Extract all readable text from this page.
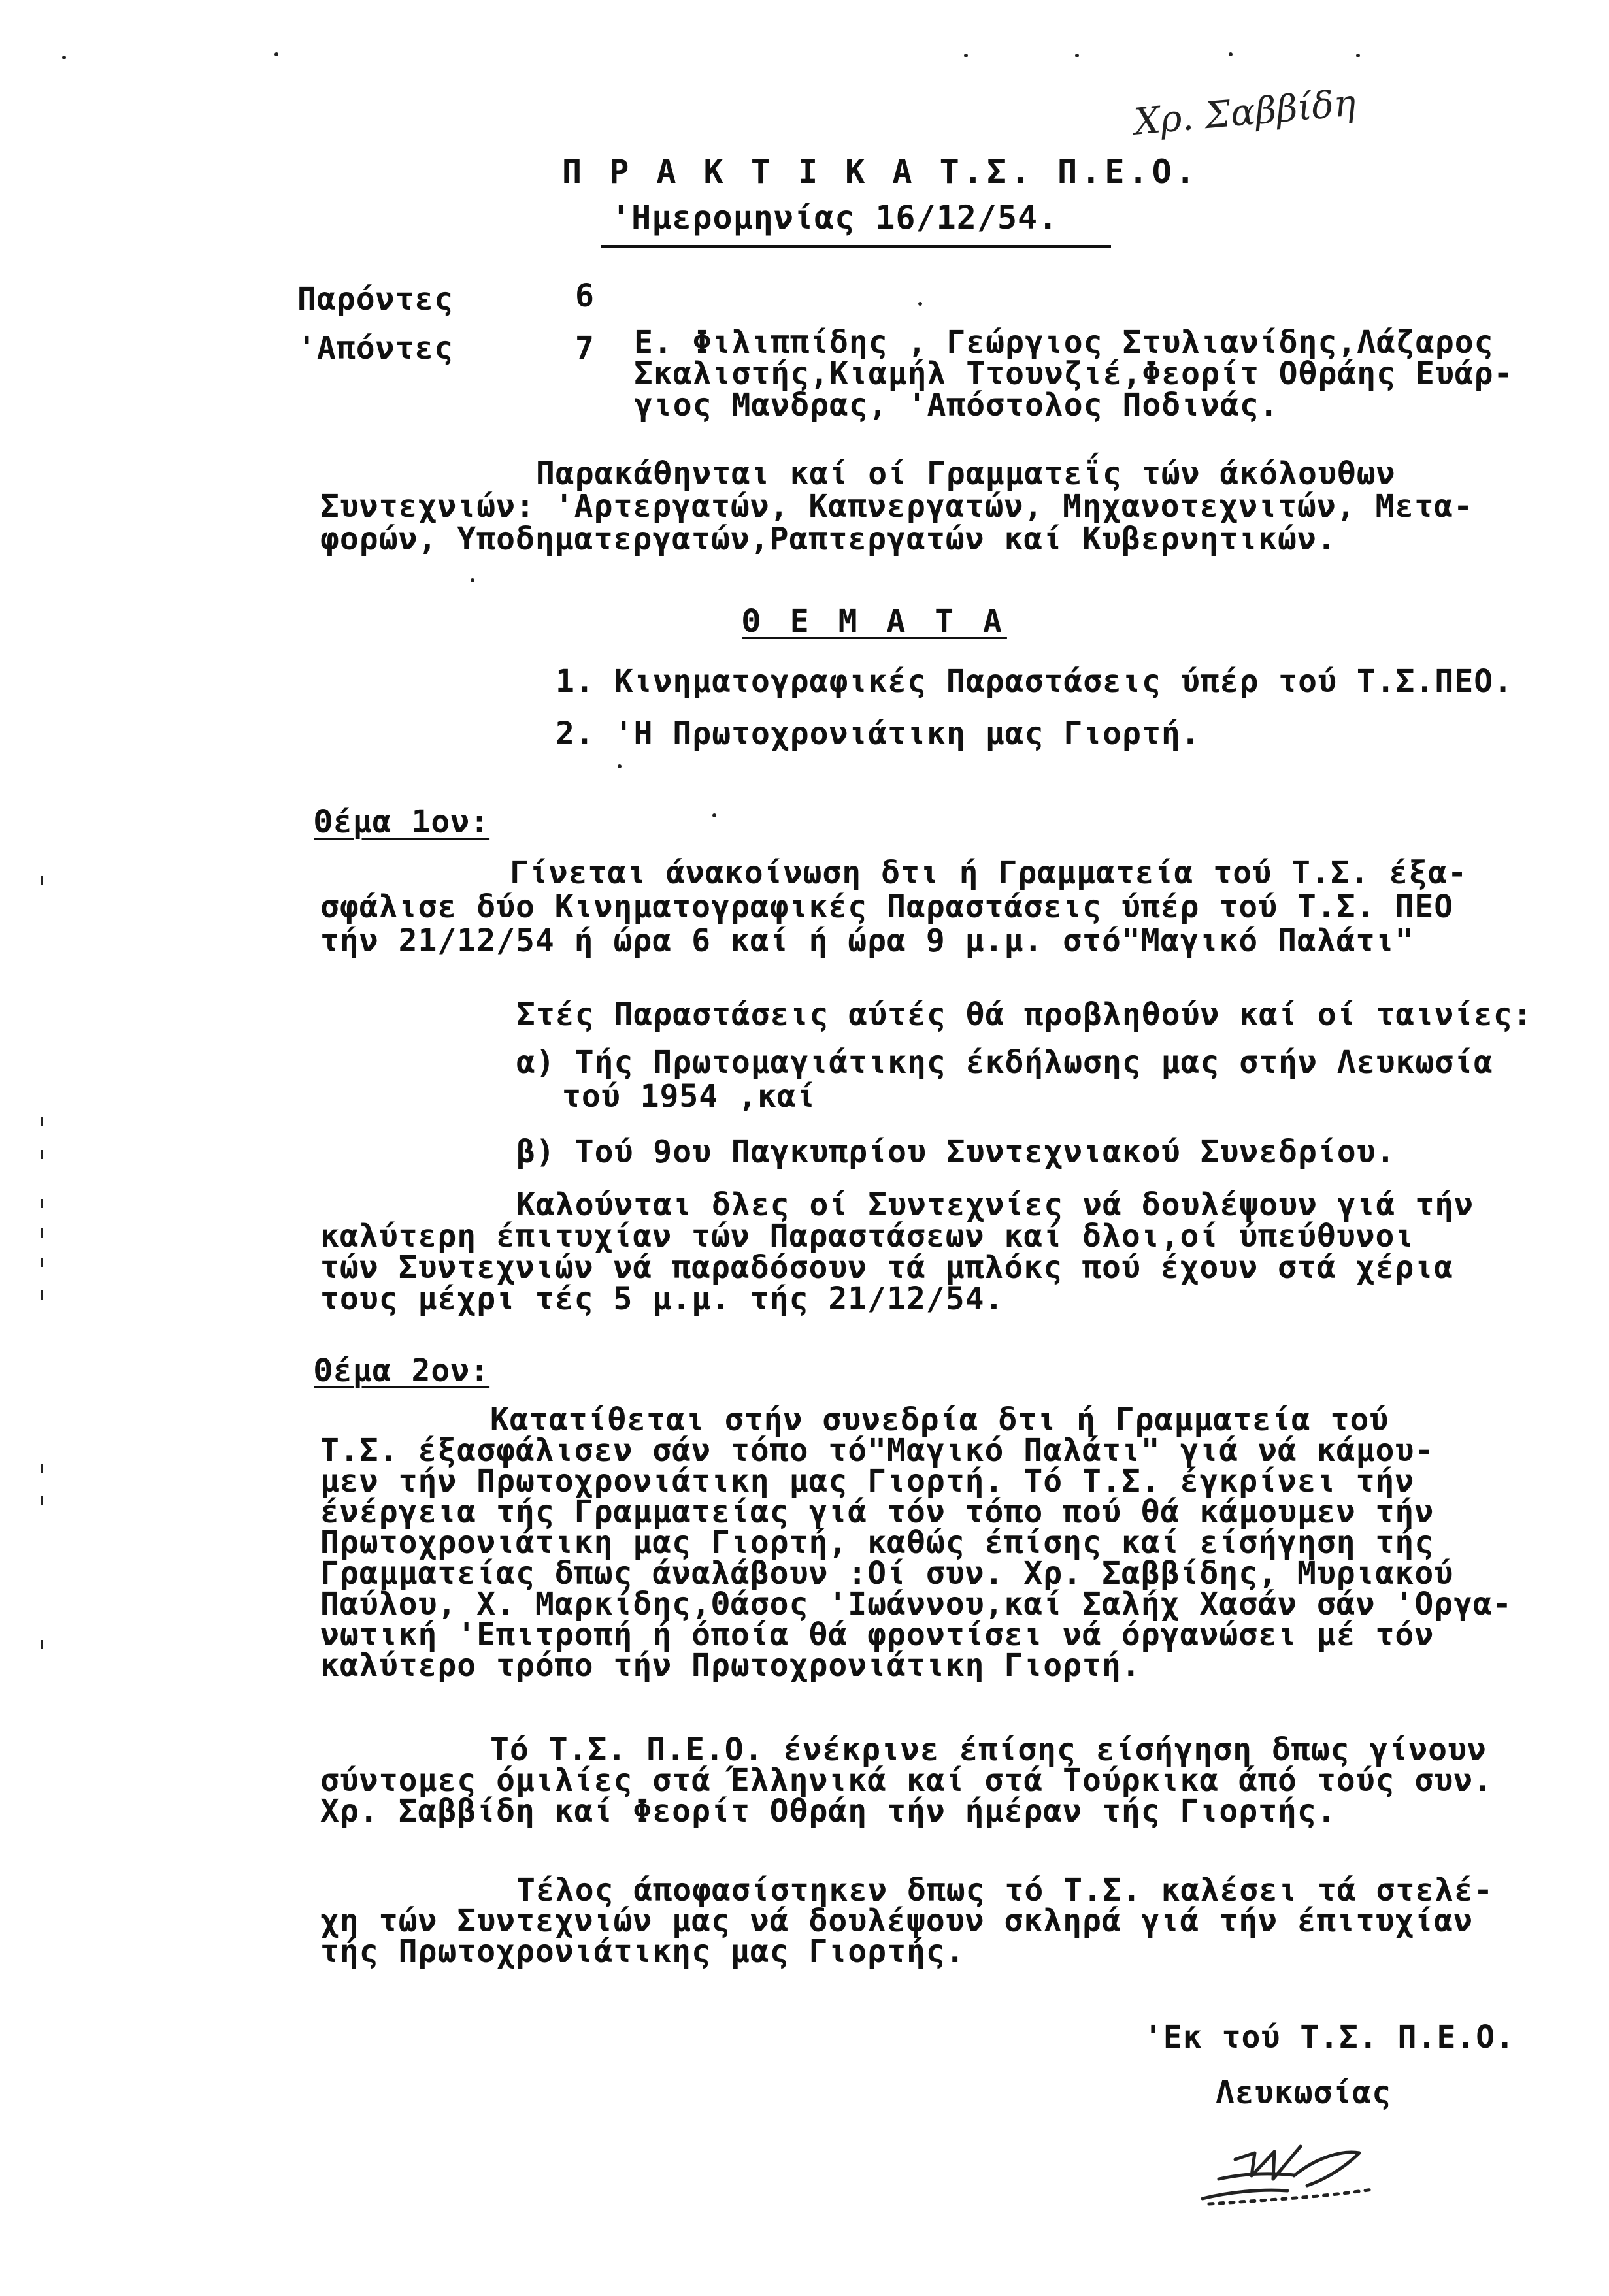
Χρ. Σαββίδη
Π Ρ Α Κ Τ Ι Κ Α Τ.Σ. Π.Ε.Ο.
'Ημερομηνίας 16/12/54.
Παρόντες	6
'Απόντες	7 Ε. Φιλιππίδης , Γεώργιος Στυλιανίδης,Λάζαρος
Σκαλιστής,Κιαμήλ Ττουνζιέ,Φεορίτ Οθράης Ευάρ-
γιος Μανδρας, 'Απόστολος Ποδινάς.
Παρακάθηνται καί οί Γραμματεΐς τών άκόλουθων
Συντεχνιών: 'Αρτεργατών, Καπνεργατών, Μηχανοτεχνιτών, Μετα-
φορών, Υποδηματεργατών,Ραπτεργατών καί Κυβερνητικών.
Θ Ε Μ Α Τ Α
1. Κινηματογραφικές Παραστάσεις ύπέρ τού Τ.Σ.ΠΕΟ.
2. 'Η Πρωτοχρονιάτικη μας Γιορτή.
Θέμα 1ον:
Γίνεται άνακοίνωση δτι ή Γραμματεία τού Τ.Σ. έξα-
σφάλισε δύο Κινηματογραφικές Παραστάσεις ύπέρ τού Τ.Σ. ΠΕΟ
τήν 21/12/54 ή ώρα 6 καί ή ώρα 9 μ.μ. στό"Μαγικό Παλάτι"
Στές Παραστάσεις αύτές θά προβληθούν καί οί ταινίες:
α) Τής Πρωτομαγιάτικης έκδήλωσης μας στήν Λευκωσία
τού 1954 ,καί
β) Τού 9ου Παγκυπρίου Συντεχνιακού Συνεδρίου.
Καλούνται δλες οί Συντεχνίες νά δουλέψουν γιά τήν
καλύτερη έπιτυχίαν τών Παραστάσεων καί δλοι,οί ύπεύθυνοι
τών Συντεχνιών νά παραδόσουν τά μπλόκς πού έχουν στά χέρια
τους μέχρι τές 5 μ.μ. τής 21/12/54.
Θέμα 2ον:
Κατατίθεται στήν συνεδρία δτι ή Γραμματεία τού
Τ.Σ. έξασφάλισεν σάν τόπο τό"Μαγικό Παλάτι" γιά νά κάμου-
μεν τήν Πρωτοχρονιάτικη μας Γιορτή. Τό Τ.Σ. έγκρίνει τήν
ένέργεια τής Γραμματείας γιά τόν τόπο πού θά κάμουμεν τήν
Πρωτοχρονιάτικη μας Γιορτή, καθώς έπίσης καί είσήγηση τής
Γραμματείας δπως άναλάβουν :Οί συν. Χρ. Σαββίδης, Μυριακού
Παύλου, Χ. Μαρκίδης,Θάσος 'Ιωάννου,καί Σαλήχ Χασάν σάν 'Οργα-
νωτική 'Επιτροπή ή όποία θά φροντίσει νά όργανώσει μέ τόν
καλύτερο τρόπο τήν Πρωτοχρονιάτικη Γιορτή.
Τό Τ.Σ. Π.Ε.Ο. ένέκρινε έπίσης είσήγηση δπως γίνουν
σύντομες όμιλίες στά Έλληνικά καί στά Τούρκικα άπό τούς συν.
Χρ. Σαββίδη καί Φεορίτ Οθράη τήν ήμέραν τής Γιορτής.
Τέλος άποφασίστηκεν δπως τό Τ.Σ. καλέσει τά στελέ-
χη τών Συντεχνιών μας νά δουλέψουν σκληρά γιά τήν έπιτυχίαν
τής Πρωτοχρονιάτικης μας Γιορτής.
'Εκ τού Τ.Σ. Π.Ε.Ο.
Λευκωσίας
